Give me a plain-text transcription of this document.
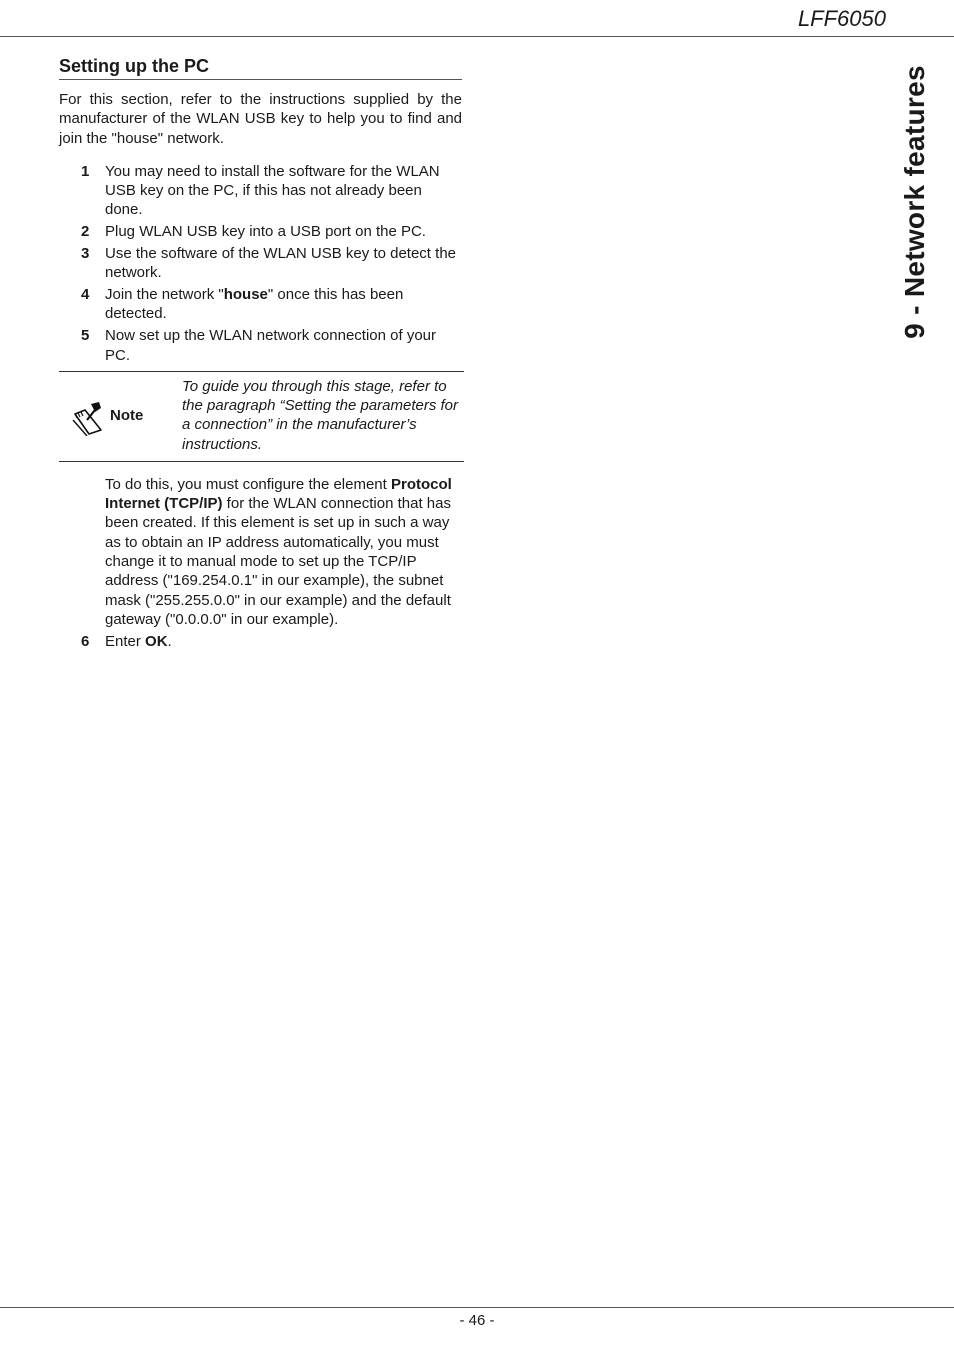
LFF6050
9 - Network features
Setting up the PC
For this section, refer to the instructions supplied by the manufacturer of the WLAN USB key to help you to find and join the "house" network.
1 You may need to install the software for the WLAN USB key on the PC, if this has not already been done.
2 Plug WLAN USB key into a USB port on the PC.
3 Use the software of the WLAN USB key to detect the network.
4 Join the network "house" once this has been detected.
5 Now set up the WLAN network connection of your PC.
Note
To guide you through this stage, refer to the paragraph “Setting the parameters for a connection” in the manufacturer’s instructions.
To do this, you must configure the element Protocol Internet (TCP/IP) for the WLAN connection that has been created. If this element is set up in such a way as to obtain an IP address automatically, you must change it to manual mode to set up the TCP/IP address ("169.254.0.1" in our example), the subnet mask ("255.255.0.0" in our example) and the default gateway ("0.0.0.0" in our example).
6 Enter OK.
- 46 -
